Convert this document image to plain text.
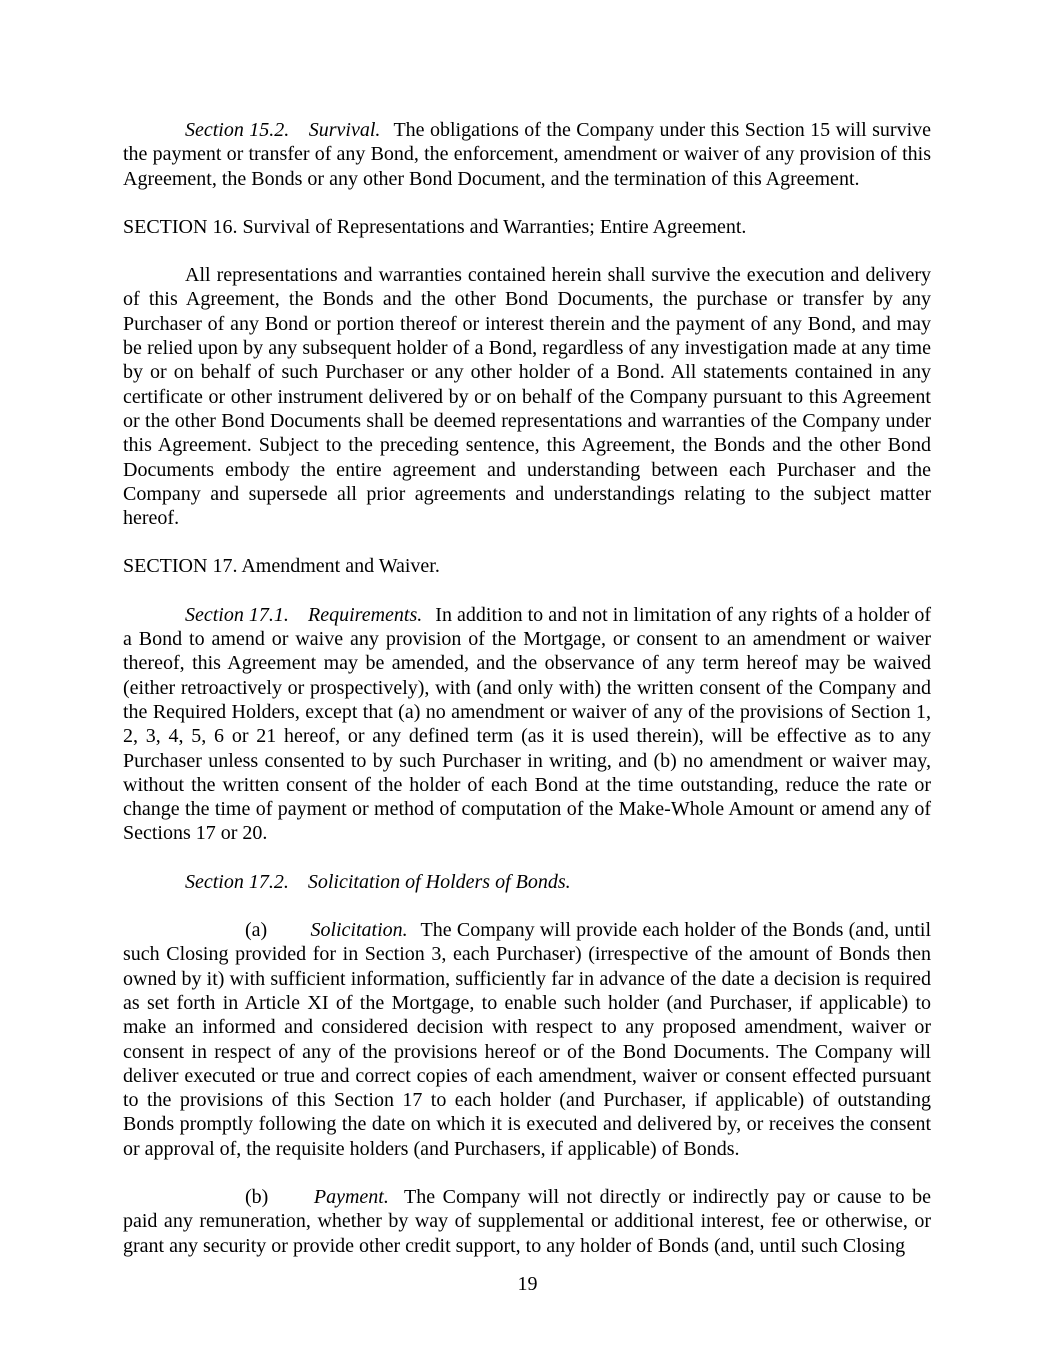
Section 15.2. Survival. The obligations of the Company under this Section 15 will survive the payment or transfer of any Bond, the enforcement, amendment or waiver of any provision of this Agreement, the Bonds or any other Bond Document, and the termination of this Agreement.

SECTION 16. Survival of Representations and Warranties; Entire Agreement.

All representations and warranties contained herein shall survive the execution and delivery of this Agreement, the Bonds and the other Bond Documents, the purchase or transfer by any Purchaser of any Bond or portion thereof or interest therein and the payment of any Bond, and may be relied upon by any subsequent holder of a Bond, regardless of any investigation made at any time by or on behalf of such Purchaser or any other holder of a Bond. All statements contained in any certificate or other instrument delivered by or on behalf of the Company pursuant to this Agreement or the other Bond Documents shall be deemed representations and warranties of the Company under this Agreement. Subject to the preceding sentence, this Agreement, the Bonds and the other Bond Documents embody the entire agreement and understanding between each Purchaser and the Company and supersede all prior agreements and understandings relating to the subject matter hereof.

SECTION 17. Amendment and Waiver.

Section 17.1. Requirements. In addition to and not in limitation of any rights of a holder of a Bond to amend or waive any provision of the Mortgage, or consent to an amendment or waiver thereof, this Agreement may be amended, and the observance of any term hereof may be waived (either retroactively or prospectively), with (and only with) the written consent of the Company and the Required Holders, except that (a) no amendment or waiver of any of the provisions of Section 1, 2, 3, 4, 5, 6 or 21 hereof, or any defined term (as it is used therein), will be effective as to any Purchaser unless consented to by such Purchaser in writing, and (b) no amendment or waiver may, without the written consent of the holder of each Bond at the time outstanding, reduce the rate or change the time of payment or method of computation of the Make-Whole Amount or amend any of Sections 17 or 20.

Section 17.2. Solicitation of Holders of Bonds.

(a) Solicitation. The Company will provide each holder of the Bonds (and, until such Closing provided for in Section 3, each Purchaser) (irrespective of the amount of Bonds then owned by it) with sufficient information, sufficiently far in advance of the date a decision is required as set forth in Article XI of the Mortgage, to enable such holder (and Purchaser, if applicable) to make an informed and considered decision with respect to any proposed amendment, waiver or consent in respect of any of the provisions hereof or of the Bond Documents. The Company will deliver executed or true and correct copies of each amendment, waiver or consent effected pursuant to the provisions of this Section 17 to each holder (and Purchaser, if applicable) of outstanding Bonds promptly following the date on which it is executed and delivered by, or receives the consent or approval of, the requisite holders (and Purchasers, if applicable) of Bonds.

(b) Payment. The Company will not directly or indirectly pay or cause to be paid any remuneration, whether by way of supplemental or additional interest, fee or otherwise, or grant any security or provide other credit support, to any holder of Bonds (and, until such Closing

19
